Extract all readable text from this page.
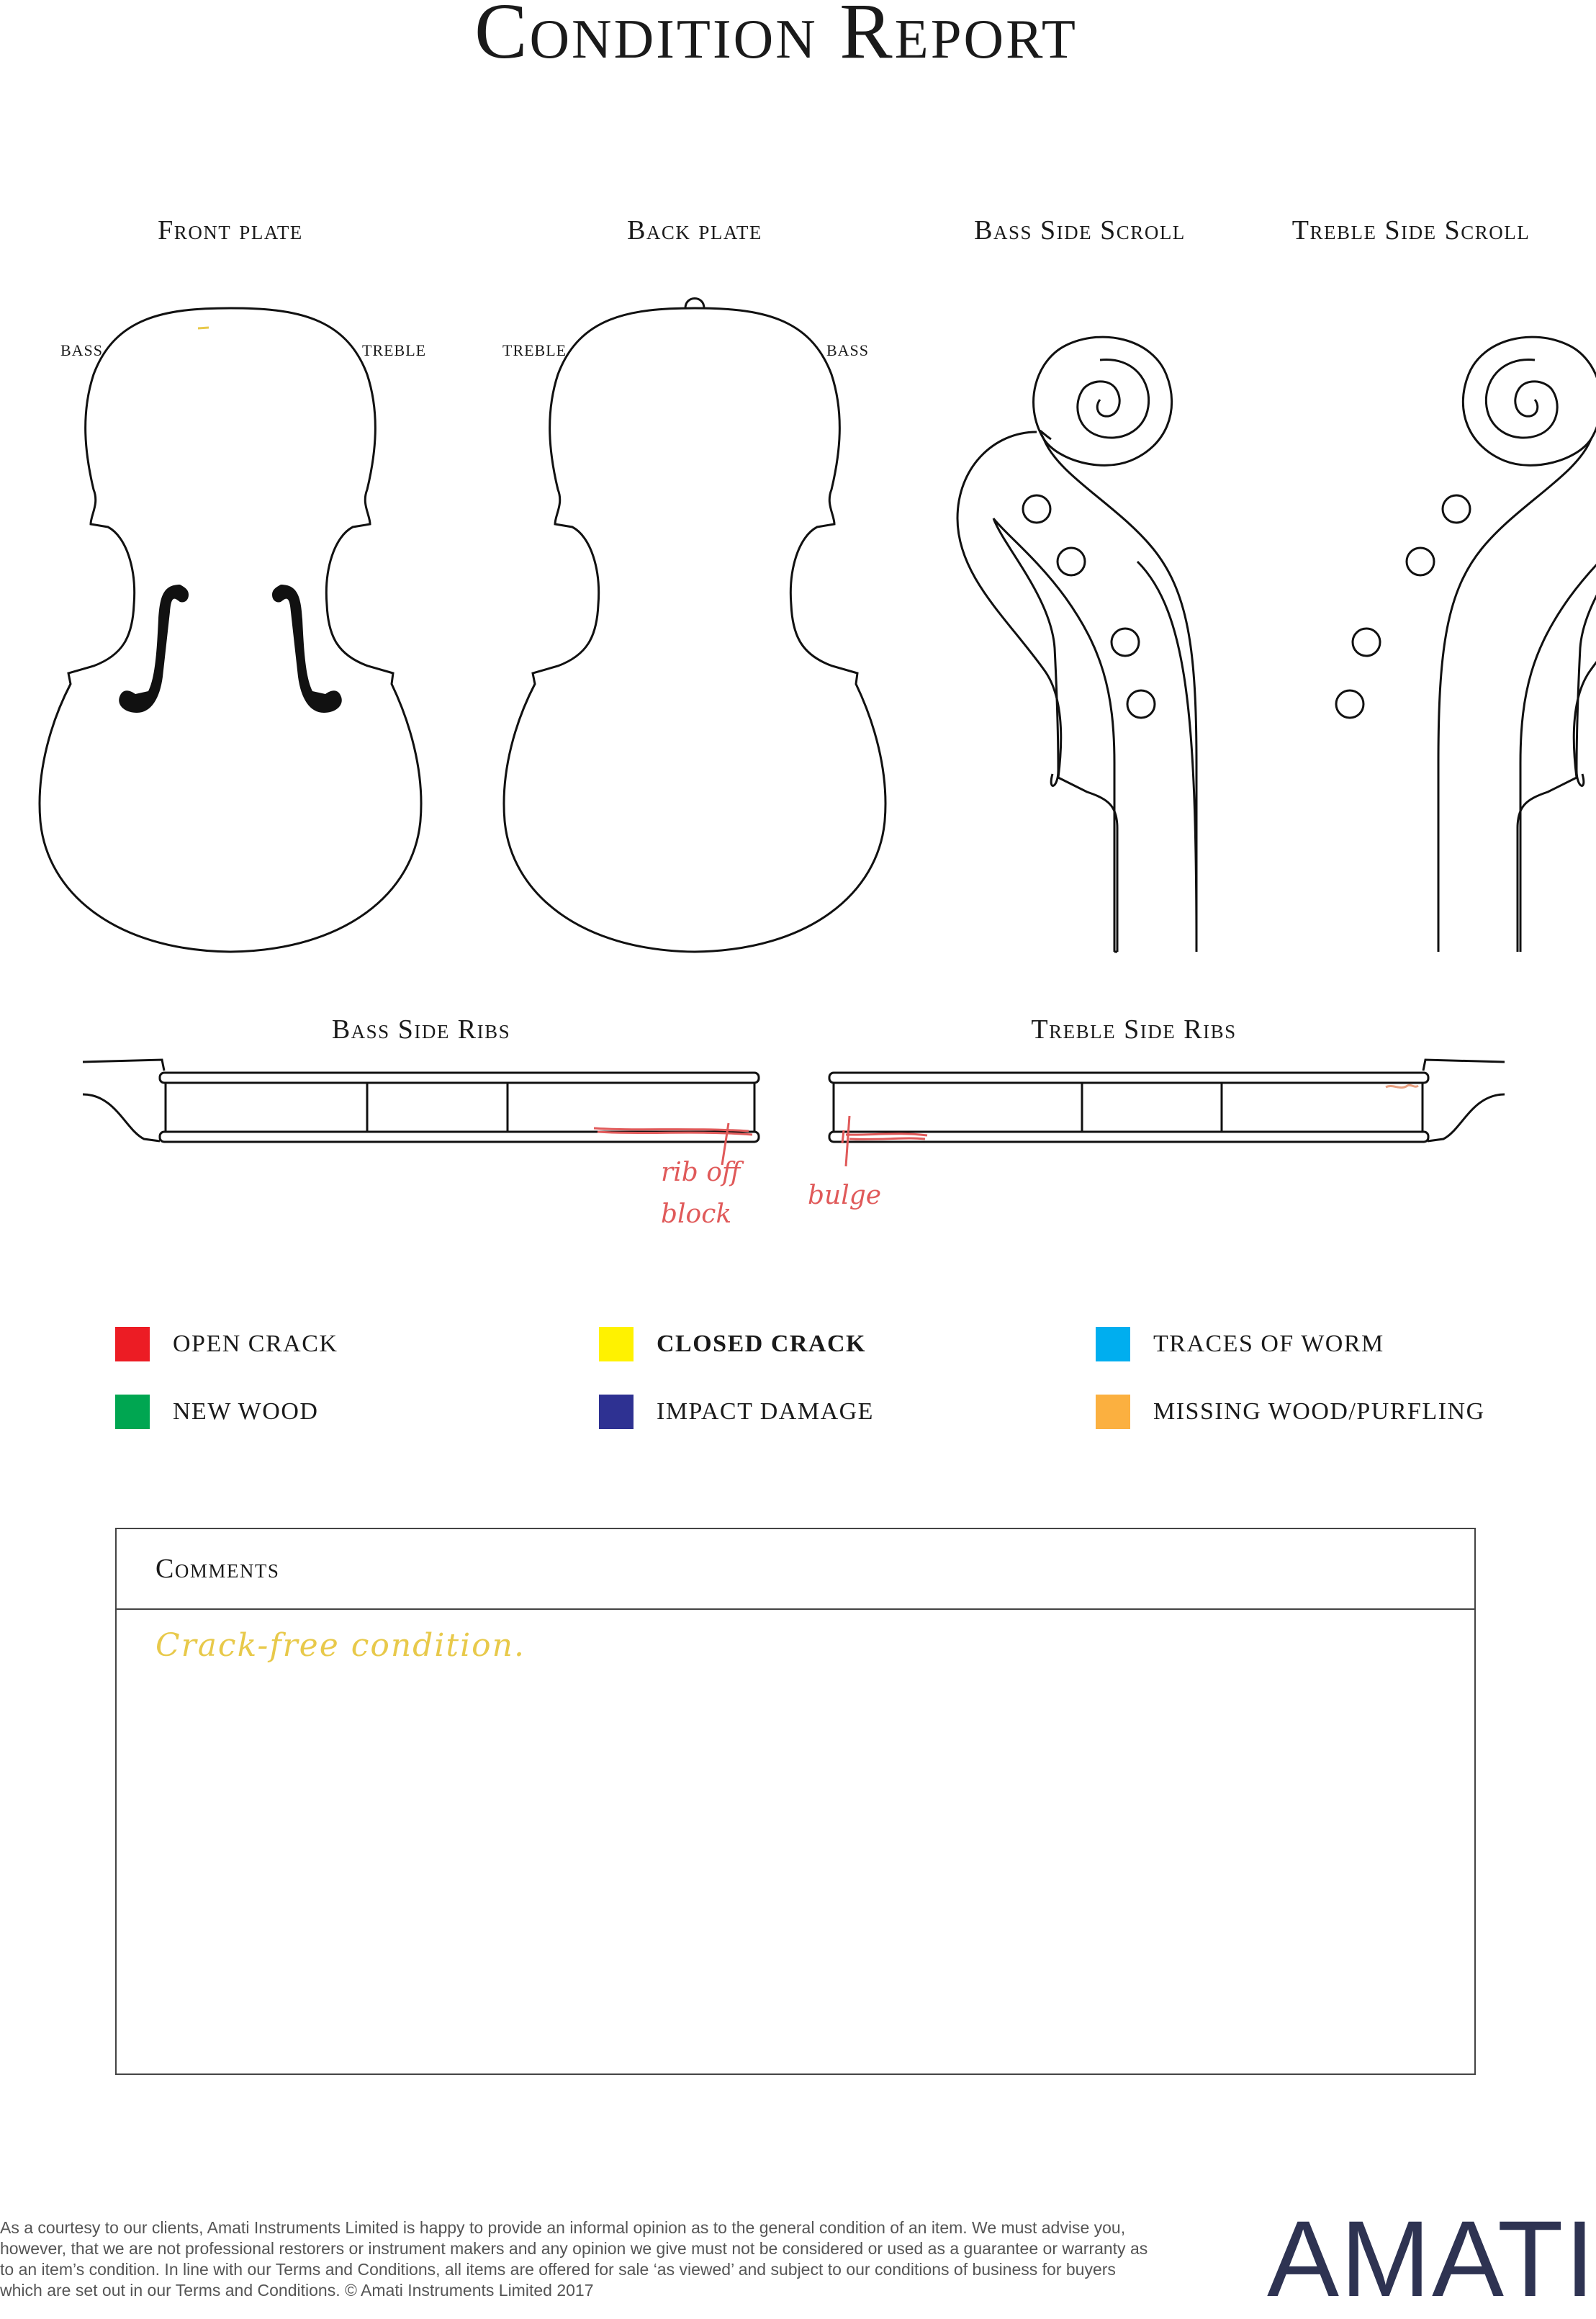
Condition Report
Front plate	Back plate	Bass Side Scroll	Treble Side Scroll
BASS	TREBLE	TREBLE	BASS
Bass Side Ribs	Treble Side Ribs
rib off block
bulge
OPEN CRACK	CLOSED CRACK	TRACES OF WORM
NEW WOOD	IMPACT DAMAGE	MISSING WOOD/PURFLING
Comments
Crack-free condition.
As a courtesy to our clients, Amati Instruments Limited is happy to provide an informal opinion as to the general condition of an item. We must advise you, however, that we are not professional restorers or instrument makers and any opinion we give must not be considered or used as a guarantee or warranty as to an item’s condition. In line with our Terms and Conditions, all items are offered for sale ‘as viewed’ and subject to our conditions of business for buyers which are set out in our Terms and Conditions. © Amati Instruments Limited 2017	AMATI
